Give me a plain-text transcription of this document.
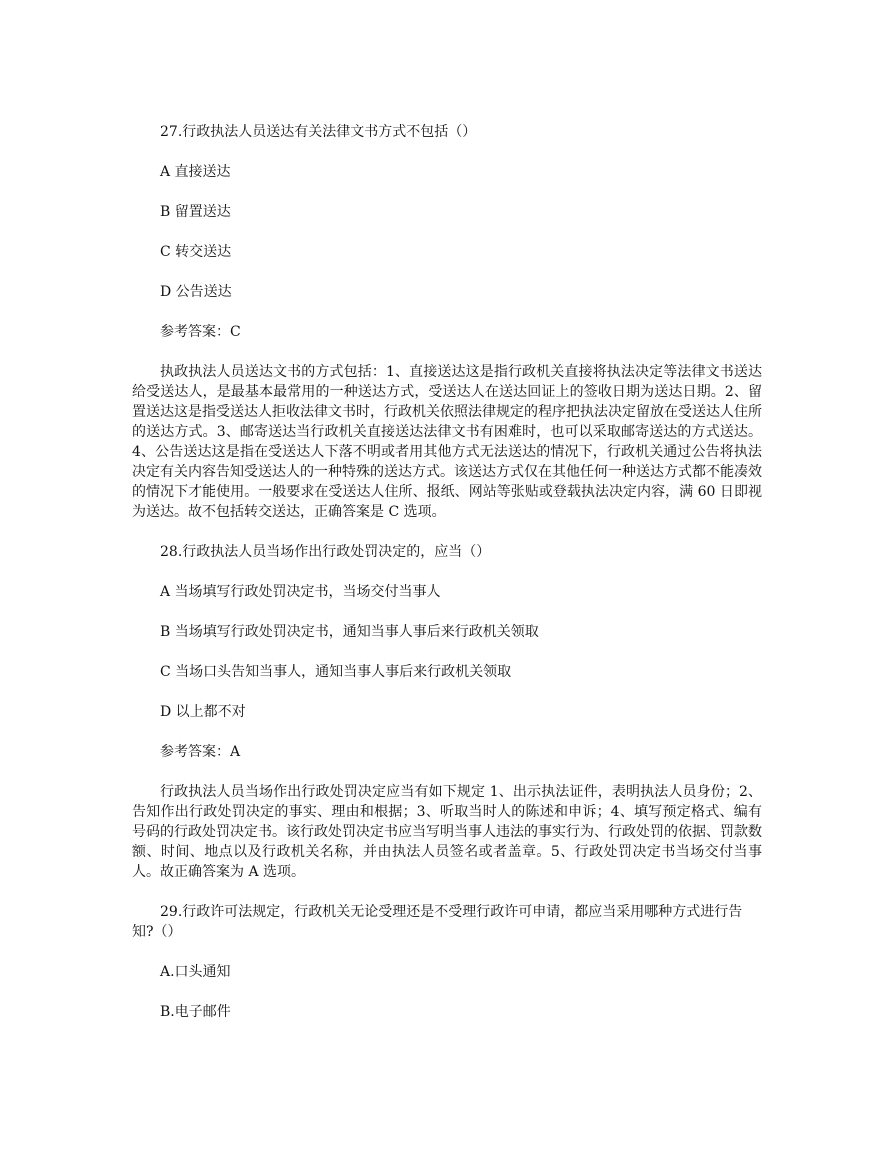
27.行政执法人员送达有关法律文书方式不包括（）

A 直接送达

B 留置送达

C 转交送达

D 公告送达

参考答案：C

执政执法人员送达文书的方式包括：1、直接送达这是指行政机关直接将执法决定等法律文书送达给受送达人，是最基本最常用的一种送达方式，受送达人在送达回证上的签收日期为送达日期。2、留置送达这是指受送达人拒收法律文书时，行政机关依照法律规定的程序把执法决定留放在受送达人住所的送达方式。3、邮寄送达当行政机关直接送达法律文书有困难时，也可以采取邮寄送达的方式送达。4、公告送达这是指在受送达人下落不明或者用其他方式无法送达的情况下，行政机关通过公告将执法决定有关内容告知受送达人的一种特殊的送达方式。该送达方式仅在其他任何一种送达方式都不能凑效的情况下才能使用。一般要求在受送达人住所、报纸、网站等张贴或登载执法决定内容，满 60 日即视为送达。故不包括转交送达，正确答案是 C 选项。

28.行政执法人员当场作出行政处罚决定的，应当（）

A 当场填写行政处罚决定书，当场交付当事人

B 当场填写行政处罚决定书，通知当事人事后来行政机关领取

C 当场口头告知当事人，通知当事人事后来行政机关领取

D 以上都不对

参考答案：A

行政执法人员当场作出行政处罚决定应当有如下规定 1、出示执法证件，表明执法人员身份；2、告知作出行政处罚决定的事实、理由和根据；3、听取当时人的陈述和申诉；4、填写预定格式、编有号码的行政处罚决定书。该行政处罚决定书应当写明当事人违法的事实行为、行政处罚的依据、罚款数额、时间、地点以及行政机关名称，并由执法人员签名或者盖章。5、行政处罚决定书当场交付当事人。故正确答案为 A 选项。

29.行政许可法规定，行政机关无论受理还是不受理行政许可申请，都应当采用哪种方式进行告知?（）

A.口头通知

B.电子邮件
